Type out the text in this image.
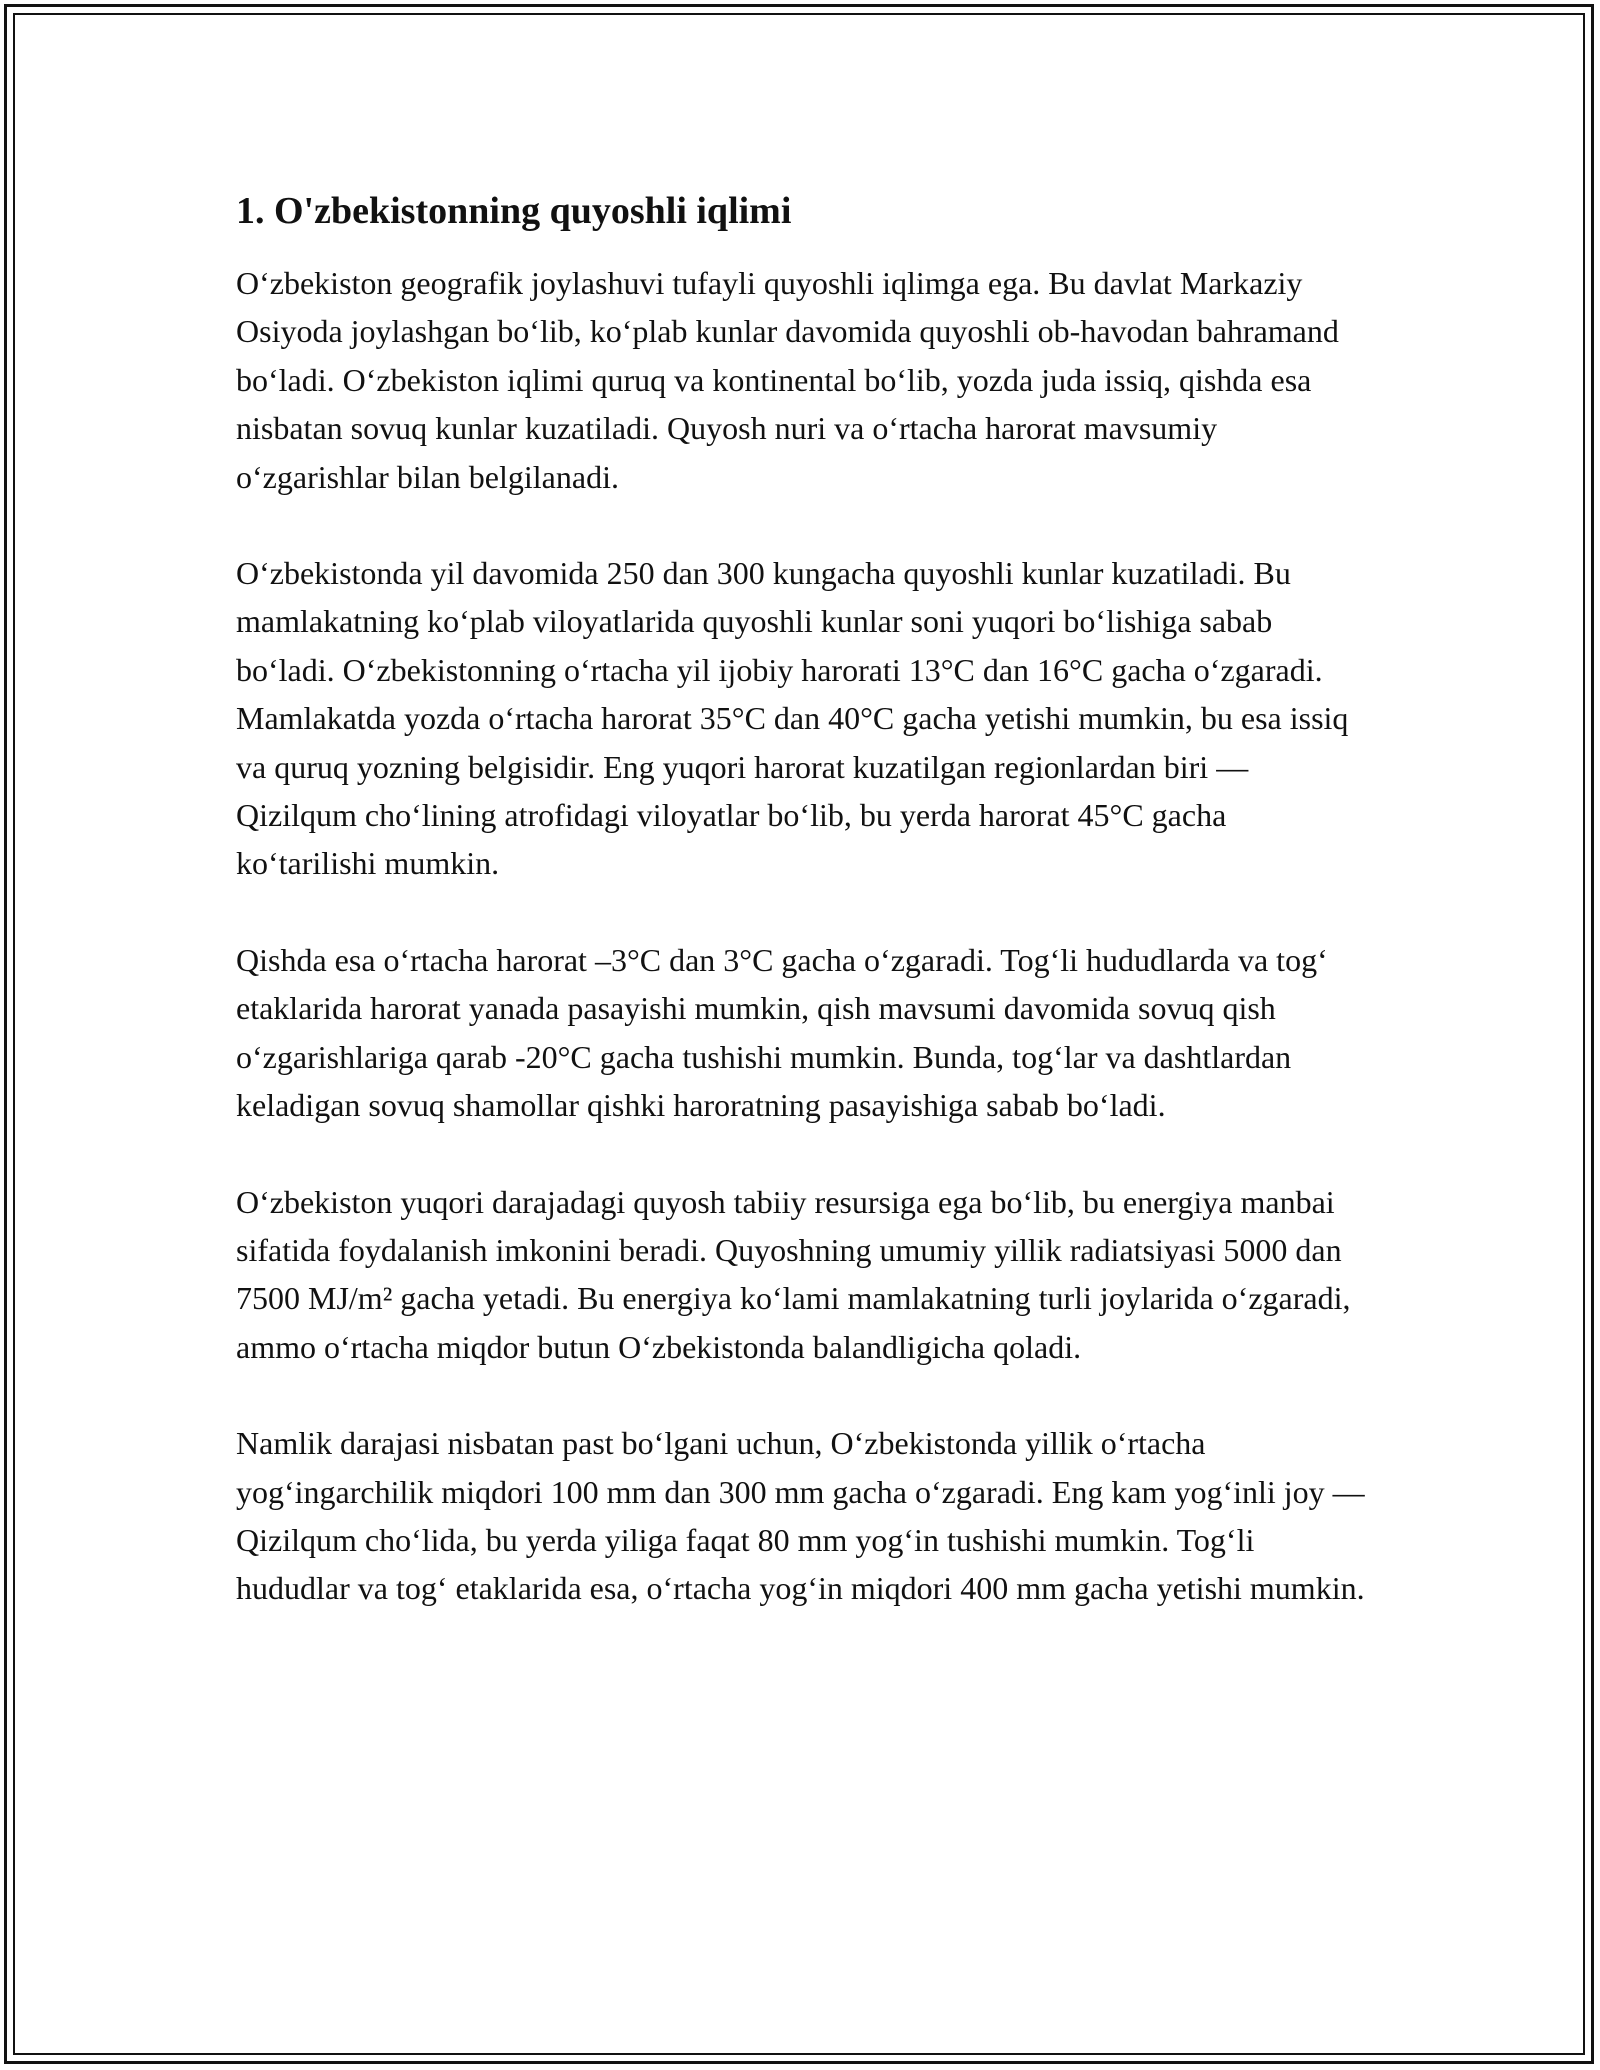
1. O'zbekistonning quyoshli iqlimi

O‘zbekiston geografik joylashuvi tufayli quyoshli iqlimga ega. Bu davlat Markaziy Osiyoda joylashgan bo‘lib, ko‘plab kunlar davomida quyoshli ob-havodan bahramand bo‘ladi. O‘zbekiston iqlimi quruq va kontinental bo‘lib, yozda juda issiq, qishda esa nisbatan sovuq kunlar kuzatiladi. Quyosh nuri va o‘rtacha harorat mavsumiy o‘zgarishlar bilan belgilanadi.

O‘zbekistonda yil davomida 250 dan 300 kungacha quyoshli kunlar kuzatiladi. Bu mamlakatning ko‘plab viloyatlarida quyoshli kunlar soni yuqori bo‘lishiga sabab bo‘ladi. O‘zbekistonning o‘rtacha yil ijobiy harorati 13°C dan 16°C gacha o‘zgaradi. Mamlakatda yozda o‘rtacha harorat 35°C dan 40°C gacha yetishi mumkin, bu esa issiq va quruq yozning belgisidir. Eng yuqori harorat kuzatilgan regionlardan biri — Qizilqum cho‘lining atrofidagi viloyatlar bo‘lib, bu yerda harorat 45°C gacha ko‘tarilishi mumkin.

Qishda esa o‘rtacha harorat –3°C dan 3°C gacha o‘zgaradi. Tog‘li hududlarda va tog‘ etaklarida harorat yanada pasayishi mumkin, qish mavsumi davomida sovuq qish o‘zgarishlariga qarab -20°C gacha tushishi mumkin. Bunda, tog‘lar va dashtlardan keladigan sovuq shamollar qishki haroratning pasayishiga sabab bo‘ladi.

O‘zbekiston yuqori darajadagi quyosh tabiiy resursiga ega bo‘lib, bu energiya manbai sifatida foydalanish imkonini beradi. Quyoshning umumiy yillik radiatsiyasi 5000 dan 7500 MJ/m² gacha yetadi. Bu energiya ko‘lami mamlakatning turli joylarida o‘zgaradi, ammo o‘rtacha miqdor butun O‘zbekistonda balandligicha qoladi.

Namlik darajasi nisbatan past bo‘lgani uchun, O‘zbekistonda yillik o‘rtacha yog‘ingarchilik miqdori 100 mm dan 300 mm gacha o‘zgaradi. Eng kam yog‘inli joy — Qizilqum cho‘lida, bu yerda yiliga faqat 80 mm yog‘in tushishi mumkin. Tog‘li hududlar va tog‘ etaklarida esa, o‘rtacha yog‘in miqdori 400 mm gacha yetishi mumkin.
